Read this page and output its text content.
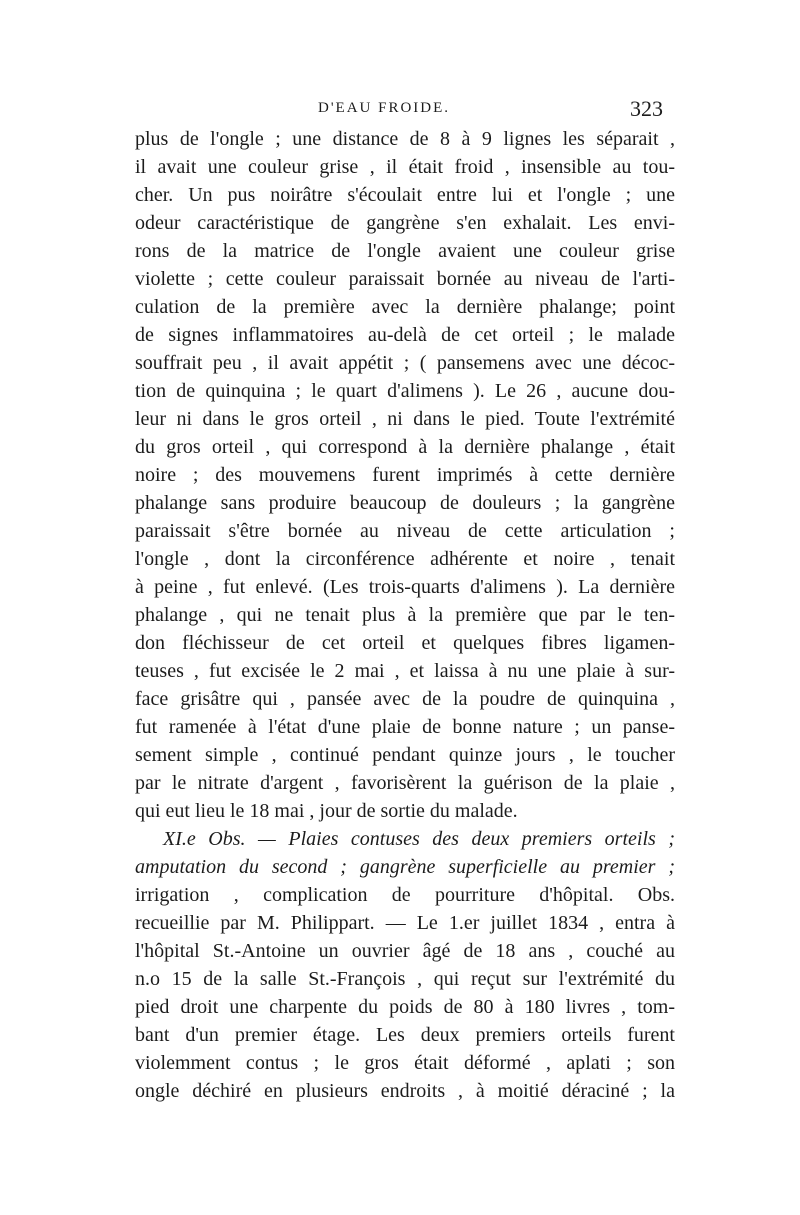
D'EAU FROIDE.	323
plus de l'ongle ; une distance de 8 à 9 lignes les séparait ,
il avait une couleur grise , il était froid , insensible au tou-
cher. Un pus noirâtre s'écoulait entre lui et l'ongle ; une
odeur caractéristique de gangrène s'en exhalait. Les envi-
rons de la matrice de l'ongle avaient une couleur grise
violette ; cette couleur paraissait bornée au niveau de l'arti-
culation de la première avec la dernière phalange; point
de signes inflammatoires au-delà de cet orteil ; le malade
souffrait peu , il avait appétit ; ( pansemens avec une décoc-
tion de quinquina ; le quart d'alimens ). Le 26 , aucune dou-
leur ni dans le gros orteil , ni dans le pied. Toute l'extrémité
du gros orteil , qui correspond à la dernière phalange , était
noire ; des mouvemens furent imprimés à cette dernière
phalange sans produire beaucoup de douleurs ; la gangrène
paraissait s'être bornée au niveau de cette articulation ;
l'ongle , dont la circonférence adhérente et noire , tenait
à peine , fut enlevé. (Les trois-quarts d'alimens ). La dernière
phalange , qui ne tenait plus à la première que par le ten-
don fléchisseur de cet orteil et quelques fibres ligamen-
teuses , fut excisée le 2 mai , et laissa à nu une plaie à sur-
face grisâtre qui , pansée avec de la poudre de quinquina ,
fut ramenée à l'état d'une plaie de bonne nature ; un panse-
sement simple , continué pendant quinze jours , le toucher
par le nitrate d'argent , favorisèrent la guérison de la plaie ,
qui eut lieu le 18 mai , jour de sortie du malade.
XI.e Obs. — Plaies contuses des deux premiers orteils ;
amputation du second ; gangrène superficielle au premier ;
irrigation , complication de pourriture d'hôpital. Obs.
recueillie par M. Philippart. — Le 1.er juillet 1834 , entra à
l'hôpital St.-Antoine un ouvrier âgé de 18 ans , couché au
n.o 15 de la salle St.-François , qui reçut sur l'extrémité du
pied droit une charpente du poids de 80 à 180 livres , tom-
bant d'un premier étage. Les deux premiers orteils furent
violemment contus ; le gros était déformé , aplati ; son
ongle déchiré en plusieurs endroits , à moitié déraciné ; la
